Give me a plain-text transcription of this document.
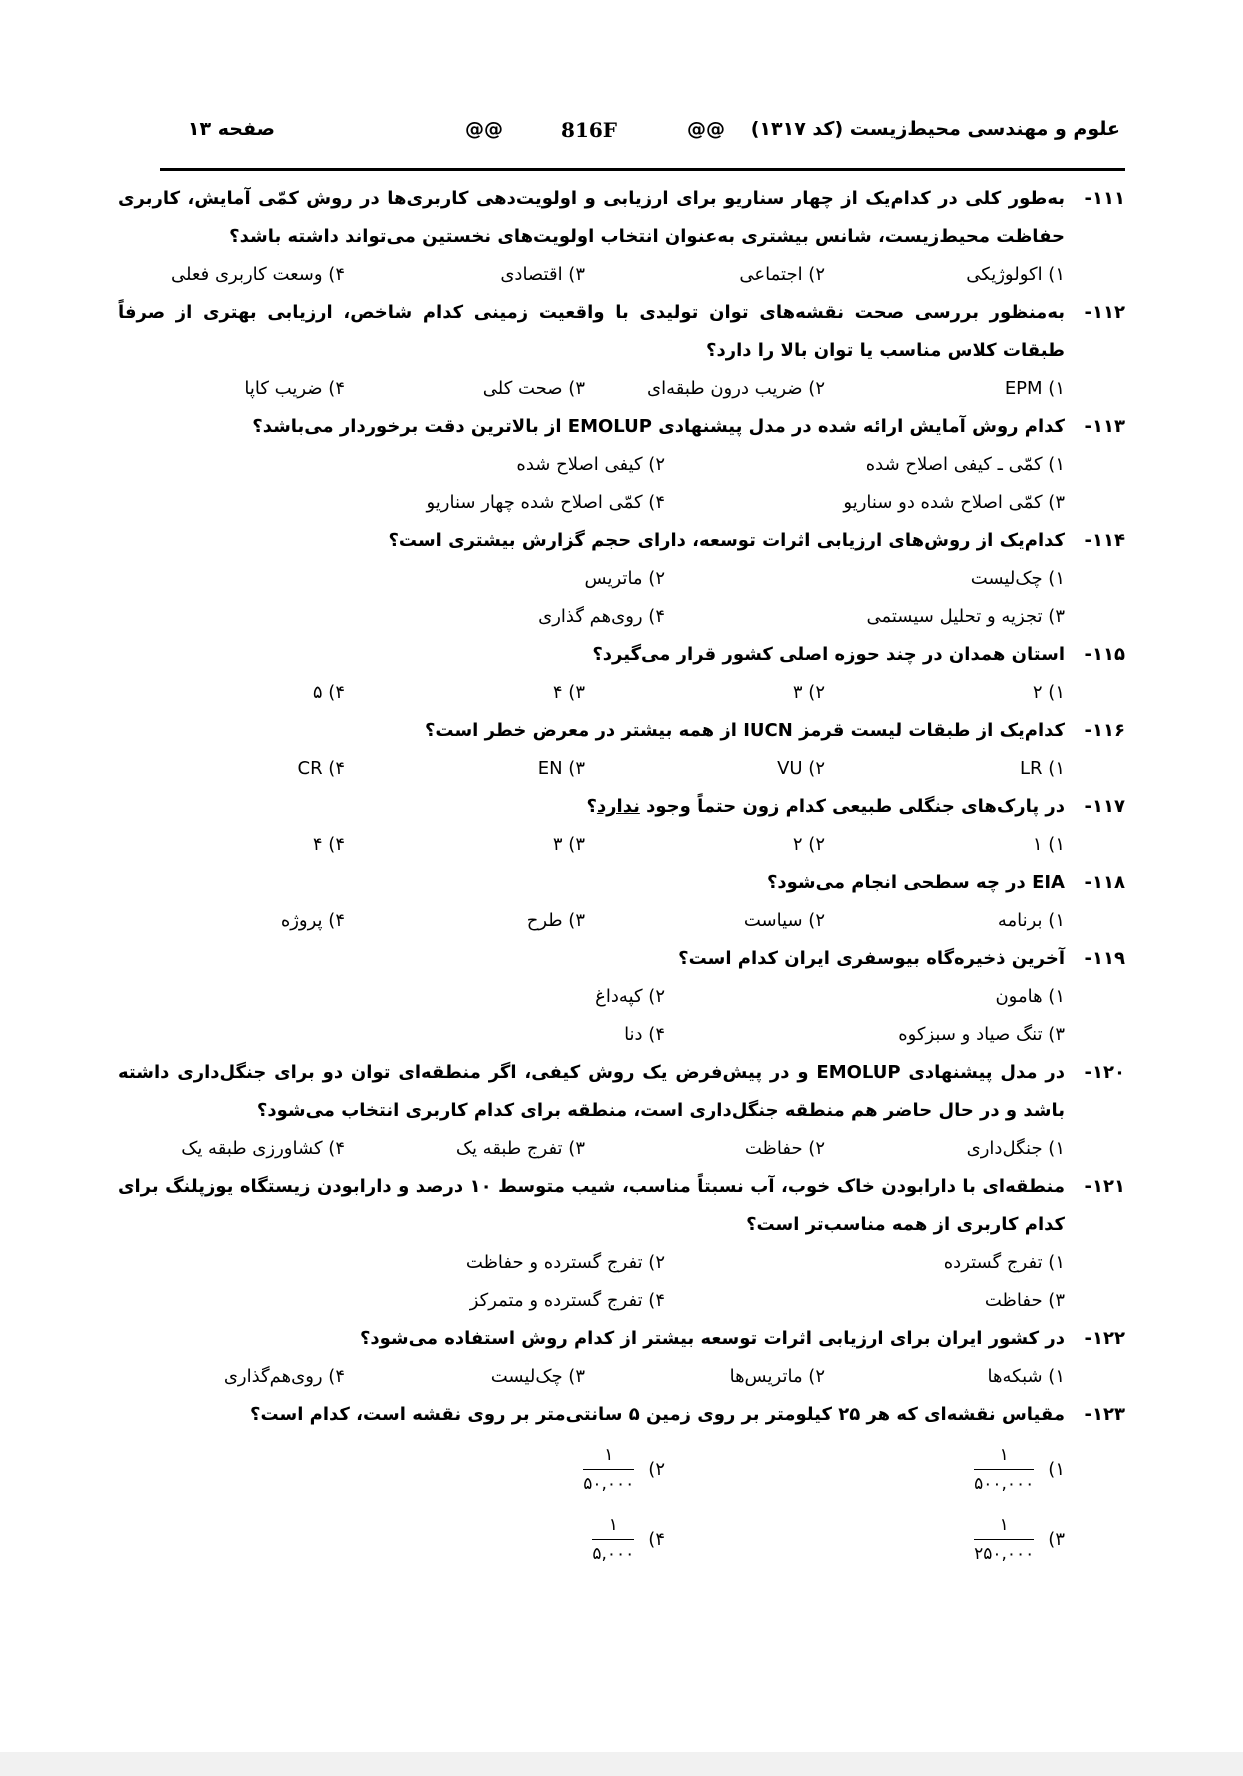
علوم و مهندسی محیط‌زیست (کد ۱۳۱۷)
@@
816F
@@
صفحه ۱۳
۱۱۱-
به‌طور کلی در کدام‌یک از چهار سناریو برای ارزیابی و اولویت‌دهی کاربری‌ها در روش کمّی آمایش، کاربری حفاظت محیط‌زیست، شانس بیشتری به‌عنوان انتخاب اولویت‌های نخستین می‌تواند داشته باشد؟
۱) اکولوژیکی
۲) اجتماعی
۳) اقتصادی
۴) وسعت کاربری فعلی
۱۱۲-
به‌منظور بررسی صحت نقشه‌های توان تولیدی با واقعیت زمینی کدام شاخص، ارزیابی بهتری از صرفاً طبقات کلاس مناسب یا توان بالا را دارد؟
۱) EPM
۲) ضریب درون طبقه‌ای
۳) صحت کلی
۴) ضریب کاپا
۱۱۳-
کدام روش آمایش ارائه شده در مدل پیشنهادی EMOLUP از بالاترین دقت برخوردار می‌باشد؟
۱) کمّی ـ کیفی اصلاح شده
۲) کیفی اصلاح شده
۳) کمّی اصلاح شده دو سناریو
۴) کمّی اصلاح شده چهار سناریو
۱۱۴-
کدام‌یک از روش‌های ارزیابی اثرات توسعه، دارای حجم گزارش بیشتری است؟
۱) چک‌لیست
۲) ماتریس
۳) تجزیه و تحلیل سیستمی
۴) روی‌هم گذاری
۱۱۵-
استان همدان در چند حوزه اصلی کشور قرار می‌گیرد؟
۱) ۲
۲) ۳
۳) ۴
۴) ۵
۱۱۶-
کدام‌یک از طبقات لیست قرمز IUCN از همه بیشتر در معرض خطر است؟
۱) LR
۲) VU
۳) EN
۴) CR
۱۱۷-
در پارک‌های جنگلی طبیعی کدام زون حتماً وجود ندارد؟
۱) ۱
۲) ۲
۳) ۳
۴) ۴
۱۱۸-
EIA در چه سطحی انجام می‌شود؟
۱) برنامه
۲) سیاست
۳) طرح
۴) پروژه
۱۱۹-
آخرین ذخیره‌گاه بیوسفری ایران کدام است؟
۱) هامون
۲) کپه‌داغ
۳) تنگ صیاد و سبزکوه
۴) دنا
۱۲۰-
در مدل پیشنهادی EMOLUP و در پیش‌فرض یک روش کیفی، اگر منطقه‌ای توان دو برای جنگل‌داری داشته باشد و در حال حاضر هم منطقه جنگل‌داری است، منطقه برای کدام کاربری انتخاب می‌شود؟
۱) جنگل‌داری
۲) حفاظت
۳) تفرج طبقه یک
۴) کشاورزی طبقه یک
۱۲۱-
منطقه‌ای با دارابودن خاک خوب، آب نسبتاً مناسب، شیب متوسط ۱۰ درصد و دارابودن زیستگاه یوزپلنگ برای کدام کاربری از همه مناسب‌تر است؟
۱) تفرج گسترده
۲) تفرج گسترده و حفاظت
۳) حفاظت
۴) تفرج گسترده و متمرکز
۱۲۲-
در کشور ایران برای ارزیابی اثرات توسعه بیشتر از کدام روش استفاده می‌شود؟
۱) شبکه‌ها
۲) ماتریس‌ها
۳) چک‌لیست
۴) روی‌هم‌گذاری
۱۲۳-
مقیاس نقشه‌ای که هر ۲۵ کیلومتر بر روی زمین ۵ سانتی‌متر بر روی نقشه است، کدام است؟
۱)
$\frac{۱}{۵۰۰,۰۰۰}$
۲)
$\frac{۱}{۵۰,۰۰۰}$
۳)
$\frac{۱}{۲۵۰,۰۰۰}$
۴)
$\frac{۱}{۵,۰۰۰}$
